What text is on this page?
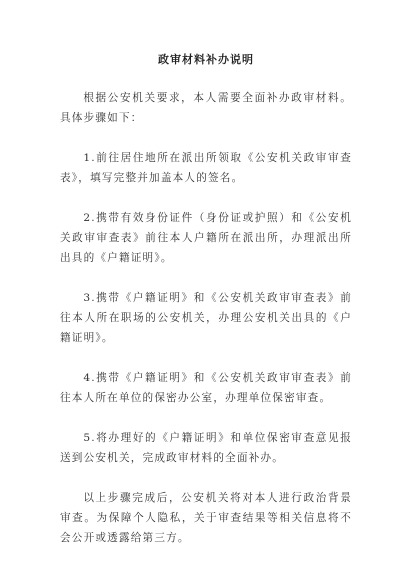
政审材料补办说明

根据公安机关要求，本人需要全面补办政审材料。具体步骤如下：

1.前往居住地所在派出所领取《公安机关政审审查表》，填写完整并加盖本人的签名。

2.携带有效身份证件（身份证或护照）和《公安机关政审审查表》前往本人户籍所在派出所，办理派出所出具的《户籍证明》。

3.携带《户籍证明》和《公安机关政审审查表》前往本人所在职场的公安机关，办理公安机关出具的《户籍证明》。

4.携带《户籍证明》和《公安机关政审审查表》前往本人所在单位的保密办公室，办理单位保密审查。

5.将办理好的《户籍证明》和单位保密审查意见报送到公安机关，完成政审材料的全面补办。

以上步骤完成后，公安机关将对本人进行政治背景审查。为保障个人隐私，关于审查结果等相关信息将不会公开或透露给第三方。
